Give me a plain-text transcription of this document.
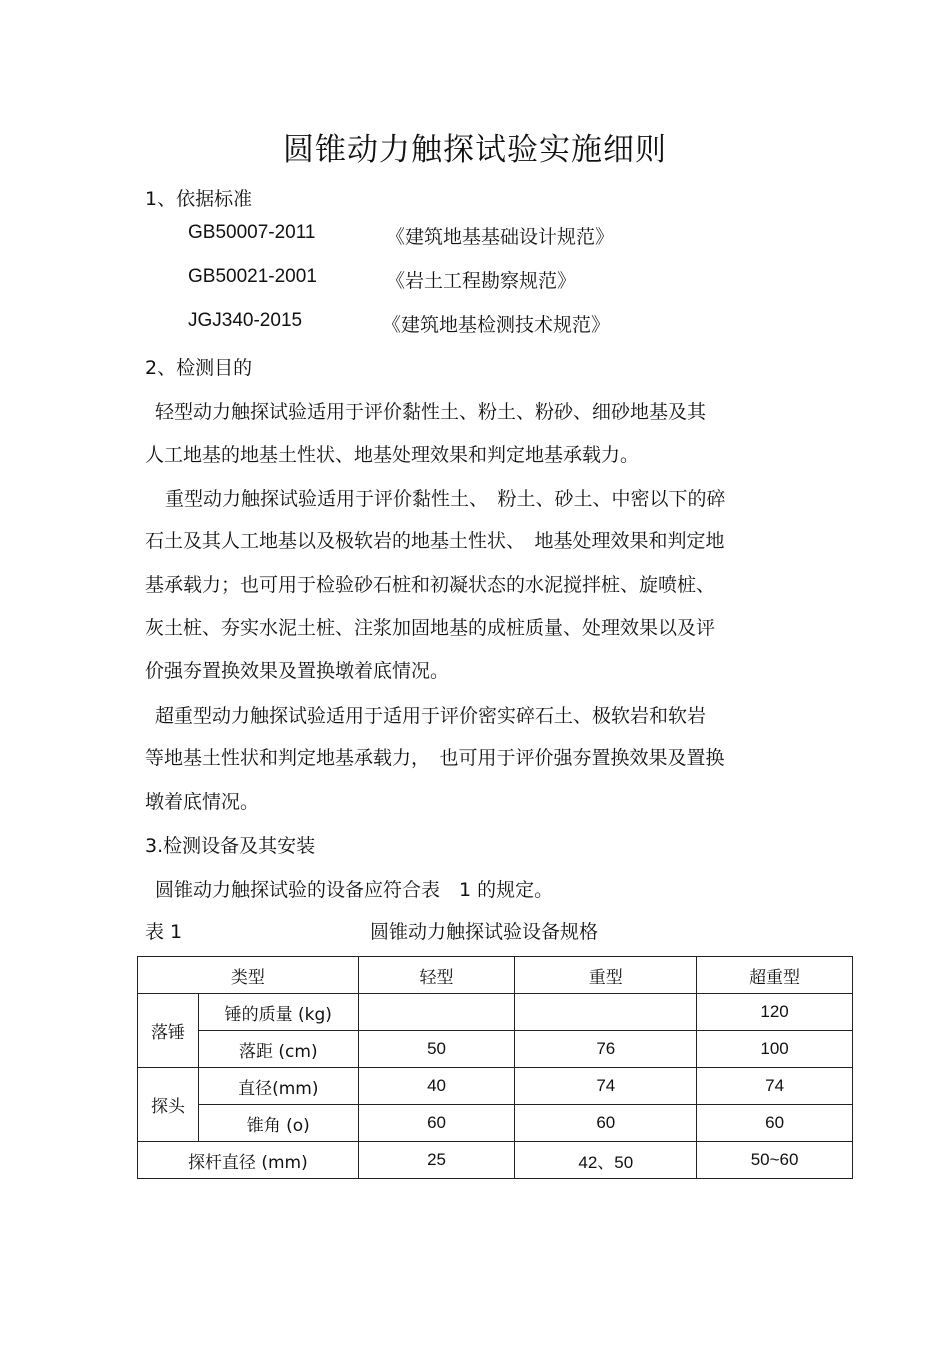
圆锥动力触探试验实施细则
1、依据标准
GB50007-2011	《建筑地基基础设计规范》
GB50021-2001	《岩土工程勘察规范》
JGJ340-2015	《建筑地基检测技术规范》
2、检测目的
轻型动力触探试验适用于评价黏性土、粉土、粉砂、细砂地基及其
人工地基的地基土性状、地基处理效果和判定地基承载力。
重型动力触探试验适用于评价黏性土、　粉土、砂土、中密以下的碎
石土及其人工地基以及极软岩的地基土性状、　地基处理效果和判定地
基承载力；也可用于检验砂石桩和初凝状态的水泥搅拌桩、旋喷桩、
灰土桩、夯实水泥土桩、注浆加固地基的成桩质量、处理效果以及评
价强夯置换效果及置换墩着底情况。
超重型动力触探试验适用于适用于评价密实碎石土、极软岩和软岩
等地基土性状和判定地基承载力，　也可用于评价强夯置换效果及置换
墩着底情况。
3.检测设备及其安装
圆锥动力触探试验的设备应符合表　1 的规定。
表 1	圆锥动力触探试验设备规格
类型		轻型	重型	超重型
落锤	锤的质量 (kg)			120
	落距 (cm)	50	76	100
探头	直径(mm)	40	74	74
	锥角 (o)	60	60	60
探杆直径 (mm)		25	42、50	50~60
